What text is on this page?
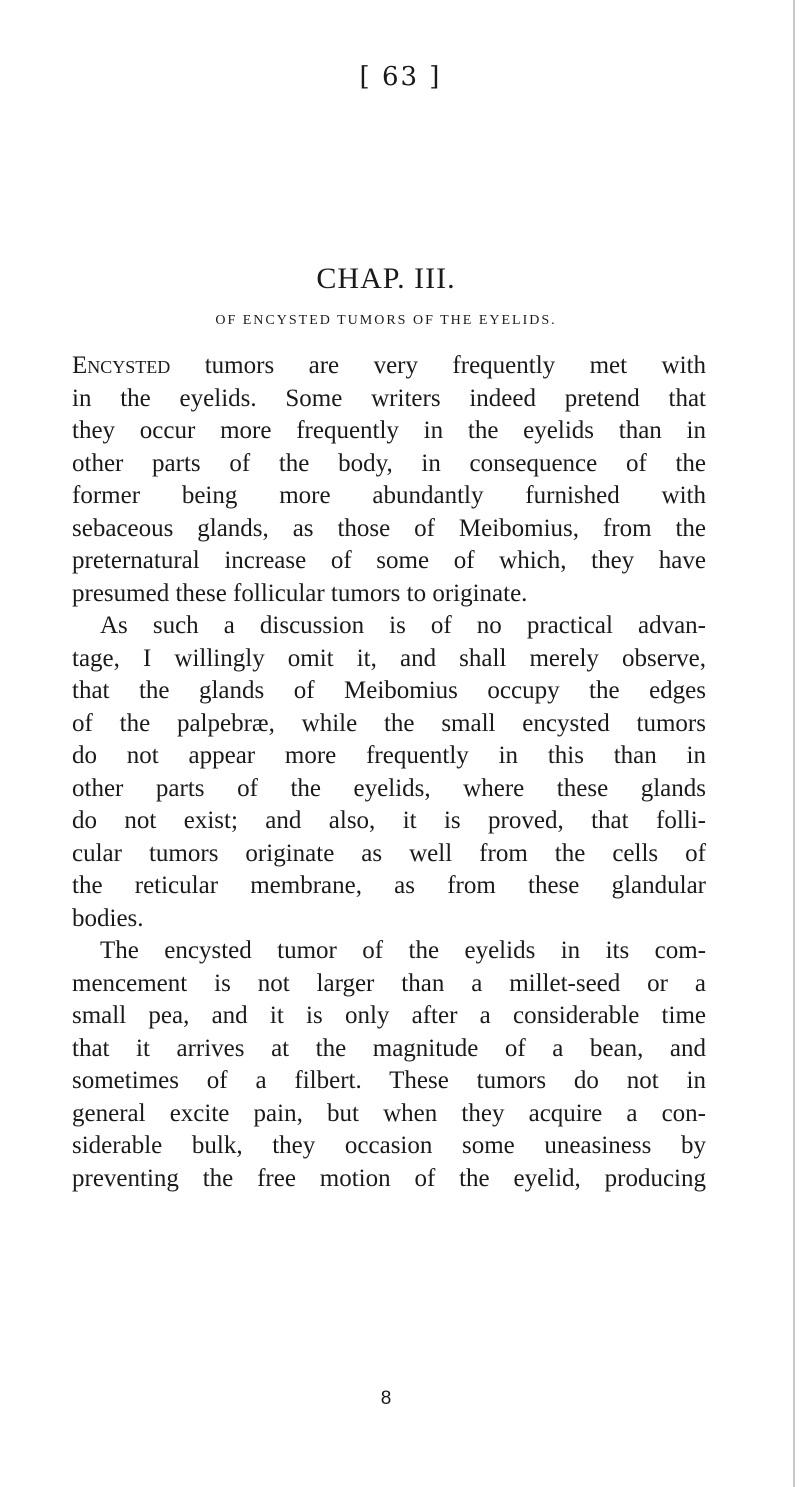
[ 63 ]
CHAP. III.
OF ENCYSTED TUMORS OF THE EYELIDS.
Encysted tumors are very frequently met with
in the eyelids. Some writers indeed pretend that
they occur more frequently in the eyelids than in
other parts of the body, in consequence of the
former being more abundantly furnished with
sebaceous glands, as those of Meibomius, from the
preternatural increase of some of which, they have
presumed these follicular tumors to originate.
As such a discussion is of no practical advan-
tage, I willingly omit it, and shall merely observe,
that the glands of Meibomius occupy the edges
of the palpebræ, while the small encysted tumors
do not appear more frequently in this than in
other parts of the eyelids, where these glands
do not exist; and also, it is proved, that folli-
cular tumors originate as well from the cells of
the reticular membrane, as from these glandular
bodies.
The encysted tumor of the eyelids in its com-
mencement is not larger than a millet-seed or a
small pea, and it is only after a considerable time
that it arrives at the magnitude of a bean, and
sometimes of a filbert. These tumors do not in
general excite pain, but when they acquire a con-
siderable bulk, they occasion some uneasiness by
preventing the free motion of the eyelid, producing
8
